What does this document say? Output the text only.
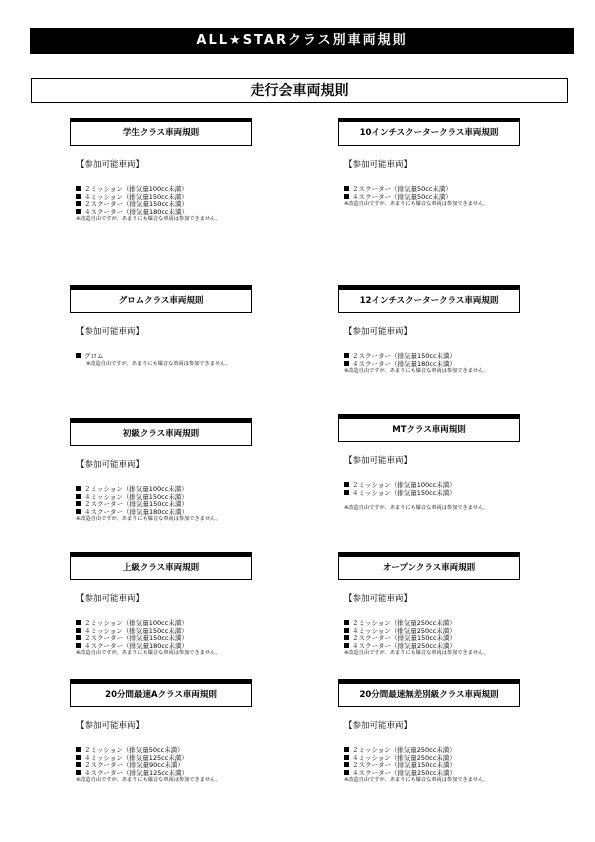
ALL★STARクラス別車両規則
走行会車両規則
学生クラス車両規則
【参加可能車両】
２ミッション（排気量100cc未満）
４ミッション（排気量150cc未満）
２スクーター（排気量150cc未満）
４スクーター（排気量180cc未満）
※改造自由ですが、あまりにも爆音な車両は参加できません。
グロムクラス車両規則
【参加可能車両】
グロム
※改造自由ですが、あまりにも爆音な車両は参加できません。
初級クラス車両規則
【参加可能車両】
２ミッション（排気量100cc未満）
４ミッション（排気量150cc未満）
２スクーター（排気量150cc未満）
４スクーター（排気量180cc未満）
※改造自由ですが、あまりにも爆音な車両は参加できません。
上級クラス車両規則
【参加可能車両】
２ミッション（排気量100cc未満）
４ミッション（排気量150cc未満）
２スクーター（排気量150cc未満）
４スクーター（排気量180cc未満）
※改造自由ですが、あまりにも爆音な車両は参加できません。
20分間最速Aクラス車両規則
【参加可能車両】
２ミッション（排気量50cc未満）
４ミッション（排気量125cc未満）
２スクーター（排気量90cc未満）
４スクーター（排気量125cc未満）
※改造自由ですが、あまりにも爆音な車両は参加できません。
10インチスクータークラス車両規則
【参加可能車両】
２スクーター（排気量50cc未満）
４スクーター（排気量50cc未満）
※改造自由ですが、あまりにも爆音な車両は参加できません。
12インチスクータークラス車両規則
【参加可能車両】
２スクーター（排気量150cc未満）
４スクーター（排気量180cc未満）
※改造自由ですが、あまりにも爆音な車両は参加できません。
MTクラス車両規則
【参加可能車両】
２ミッション（排気量100cc未満）
４ミッション（排気量150cc未満）
※改造自由ですが、あまりにも爆音な車両は参加できません。
オープンクラス車両規則
【参加可能車両】
２ミッション（排気量250cc未満）
４ミッション（排気量250cc未満）
２スクーター（排気量150cc未満）
４スクーター（排気量250cc未満）
※改造自由ですが、あまりにも爆音な車両は参加できません。
20分間最速無差別級クラス車両規則
【参加可能車両】
２ミッション（排気量250cc未満）
４ミッション（排気量250cc未満）
２スクーター（排気量150cc未満）
４スクーター（排気量250cc未満）
※改造自由ですが、あまりにも爆音な車両は参加できません。
